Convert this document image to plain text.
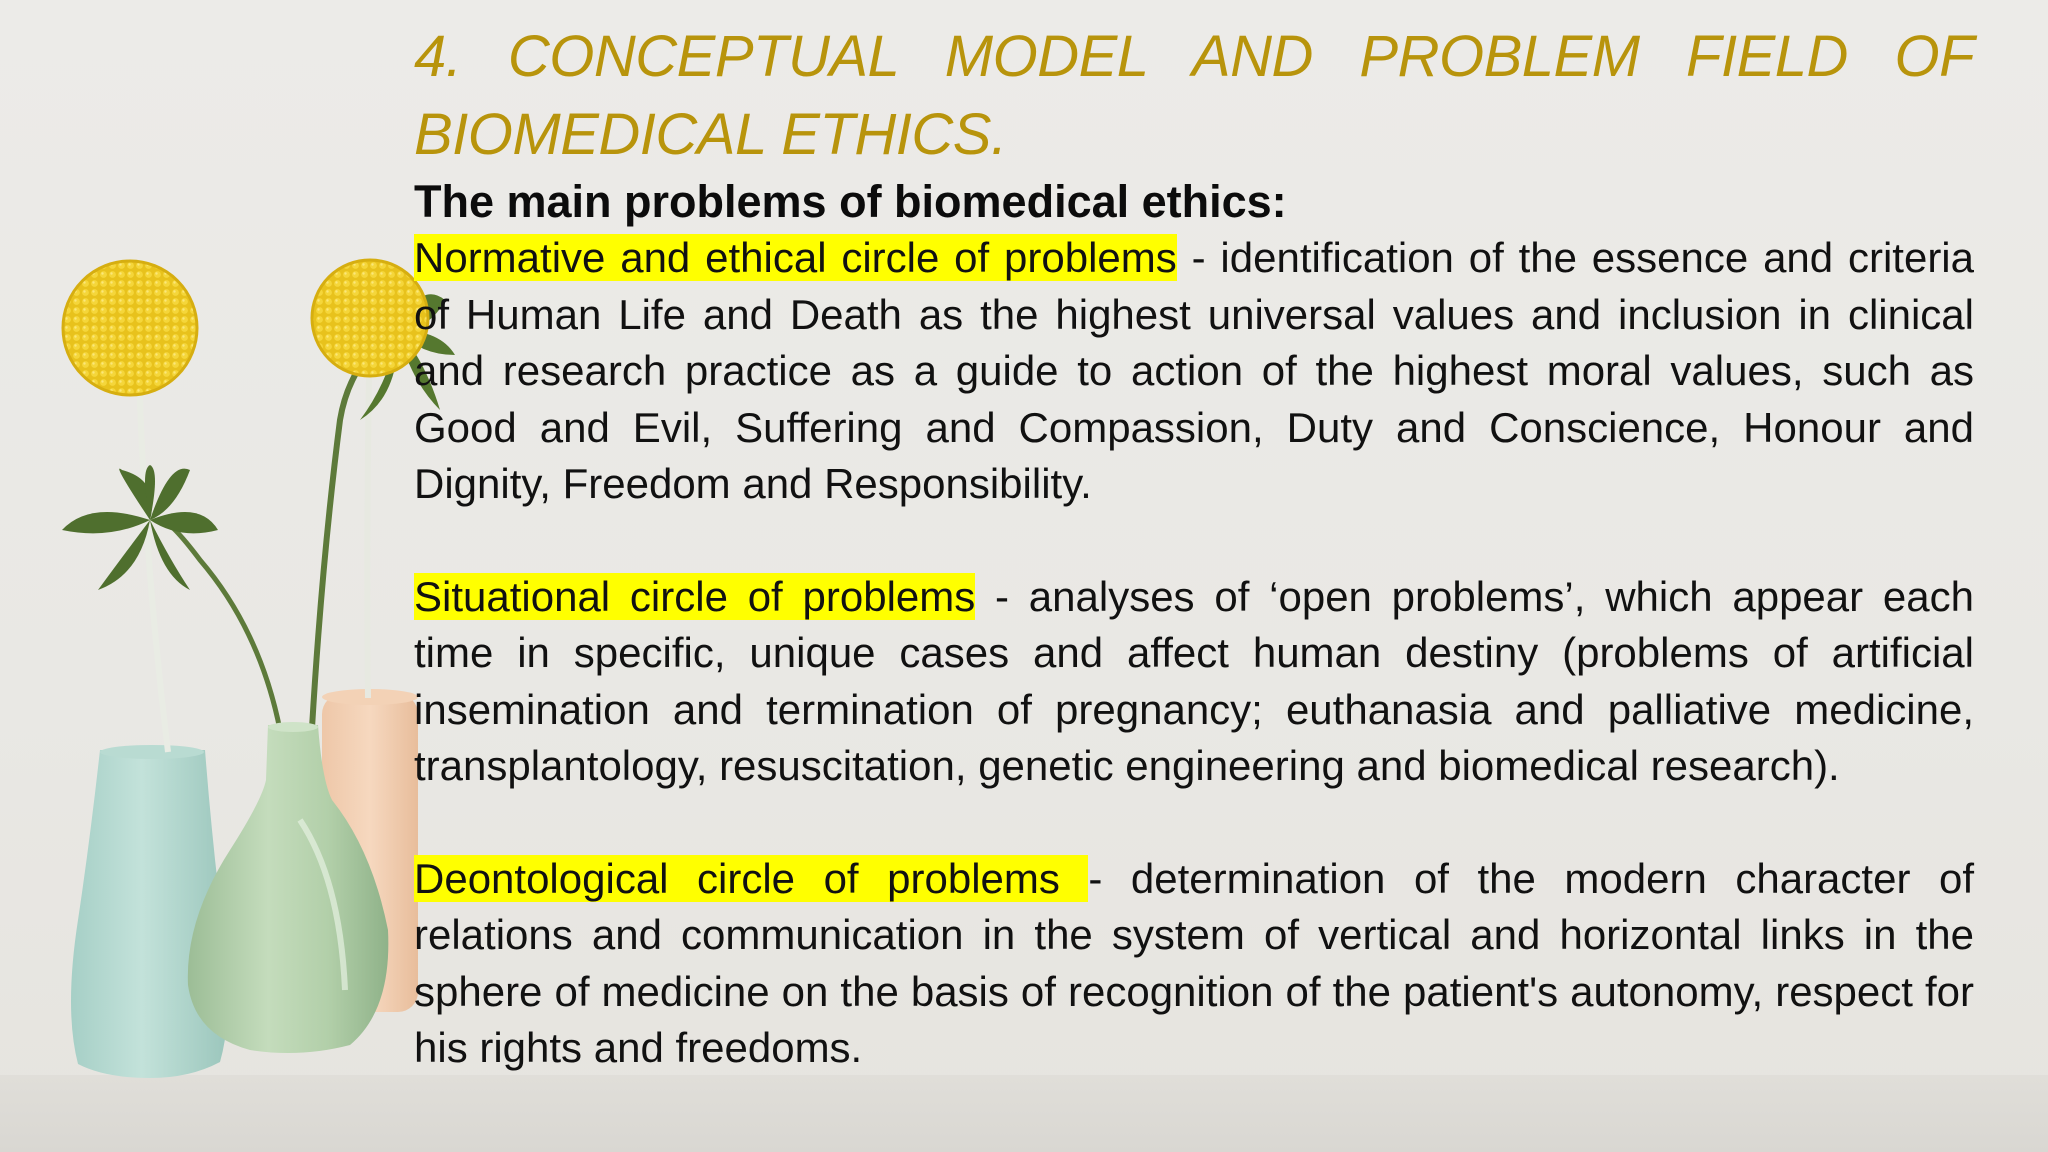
4. CONCEPTUAL MODEL AND PROBLEM FIELD OF BIOMEDICAL ETHICS.

The main problems of biomedical ethics:

Normative and ethical circle of problems - identification of the essence and criteria of Human Life and Death as the highest universal values and inclusion in clinical and research practice as a guide to action of the highest moral values, such as Good and Evil, Suffering and Compassion, Duty and Conscience, Honour and Dignity, Freedom and Responsibility.

Situational circle of problems - analyses of ‘open problems’, which appear each time in specific, unique cases and affect human destiny (problems of artificial insemination and termination of pregnancy; euthanasia and palliative medicine, transplantology, resuscitation, genetic engineering and biomedical research).

Deontological circle of problems - determination of the modern character of relations and communication in the system of vertical and horizontal links in the sphere of medicine on the basis of recognition of the patient's autonomy, respect for his rights and freedoms.
